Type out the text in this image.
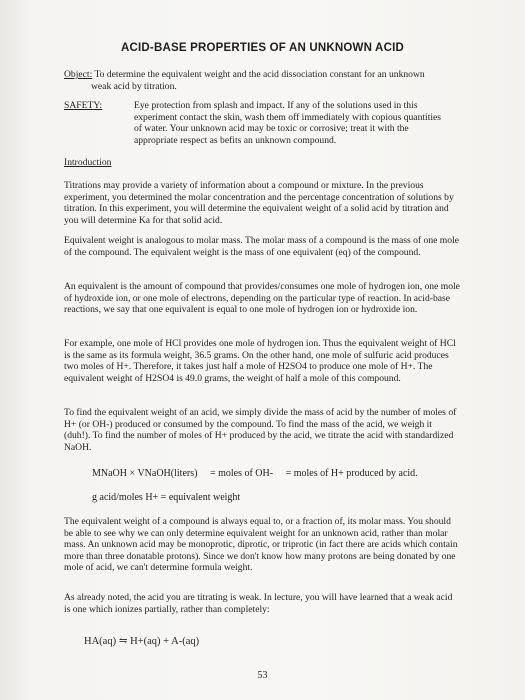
ACID-BASE PROPERTIES OF AN UNKNOWN ACID
Object: To determine the equivalent weight and the acid dissociation constant for an unknown
weak acid by titration.
SAFETY:	Eye protection from splash and impact. If any of the solutions used in this experiment contact the skin, wash them off immediately with copious quantities of water. Your unknown acid may be toxic or corrosive; treat it with the appropriate respect as befits an unknown compound.
Introduction
Titrations may provide a variety of information about a compound or mixture. In the previous experiment, you determined the molar concentration and the percentage concentration of solutions by titration. In this experiment, you will determine the equivalent weight of a solid acid by titration and you will determine Ka for that solid acid.
Equivalent weight is analogous to molar mass. The molar mass of a compound is the mass of one mole of the compound. The equivalent weight is the mass of one equivalent (eq) of the compound.
An equivalent is the amount of compound that provides/consumes one mole of hydrogen ion, one mole of hydroxide ion, or one mole of electrons, depending on the particular type of reaction. In acid-base reactions, we say that one equivalent is equal to one mole of hydrogen ion or hydroxide ion.
For example, one mole of HCl provides one mole of hydrogen ion. Thus the equivalent weight of HCl is the same as its formula weight, 36.5 grams. On the other hand, one mole of sulfuric acid produces two moles of H+. Therefore, it takes just half a mole of H2SO4 to produce one mole of H+. The equivalent weight of H2SO4 is 49.0 grams, the weight of half a mole of this compound.
To find the equivalent weight of an acid, we simply divide the mass of acid by the number of moles of H+ (or OH-) produced or consumed by the compound. To find the mass of the acid, we weigh it (duh!). To find the number of moles of H+ produced by the acid, we titrate the acid with standardized NaOH.
MNaOH × VNaOH(liters) = moles of OH- = moles of H+ produced by acid.
g acid/moles H+ = equivalent weight
The equivalent weight of a compound is always equal to, or a fraction of, its molar mass. You should be able to see why we can only determine equivalent weight for an unknown acid, rather than molar mass. An unknown acid may be monoprotic, diprotic, or triprotic (in fact there are acids which contain more than three donatable protons). Since we don't know how many protons are being donated by one mole of acid, we can't determine formula weight.
As already noted, the acid you are titrating is weak. In lecture, you will have learned that a weak acid is one which ionizes partially, rather than completely:
HA(aq) ⇋ H+(aq) + A-(aq)
53
